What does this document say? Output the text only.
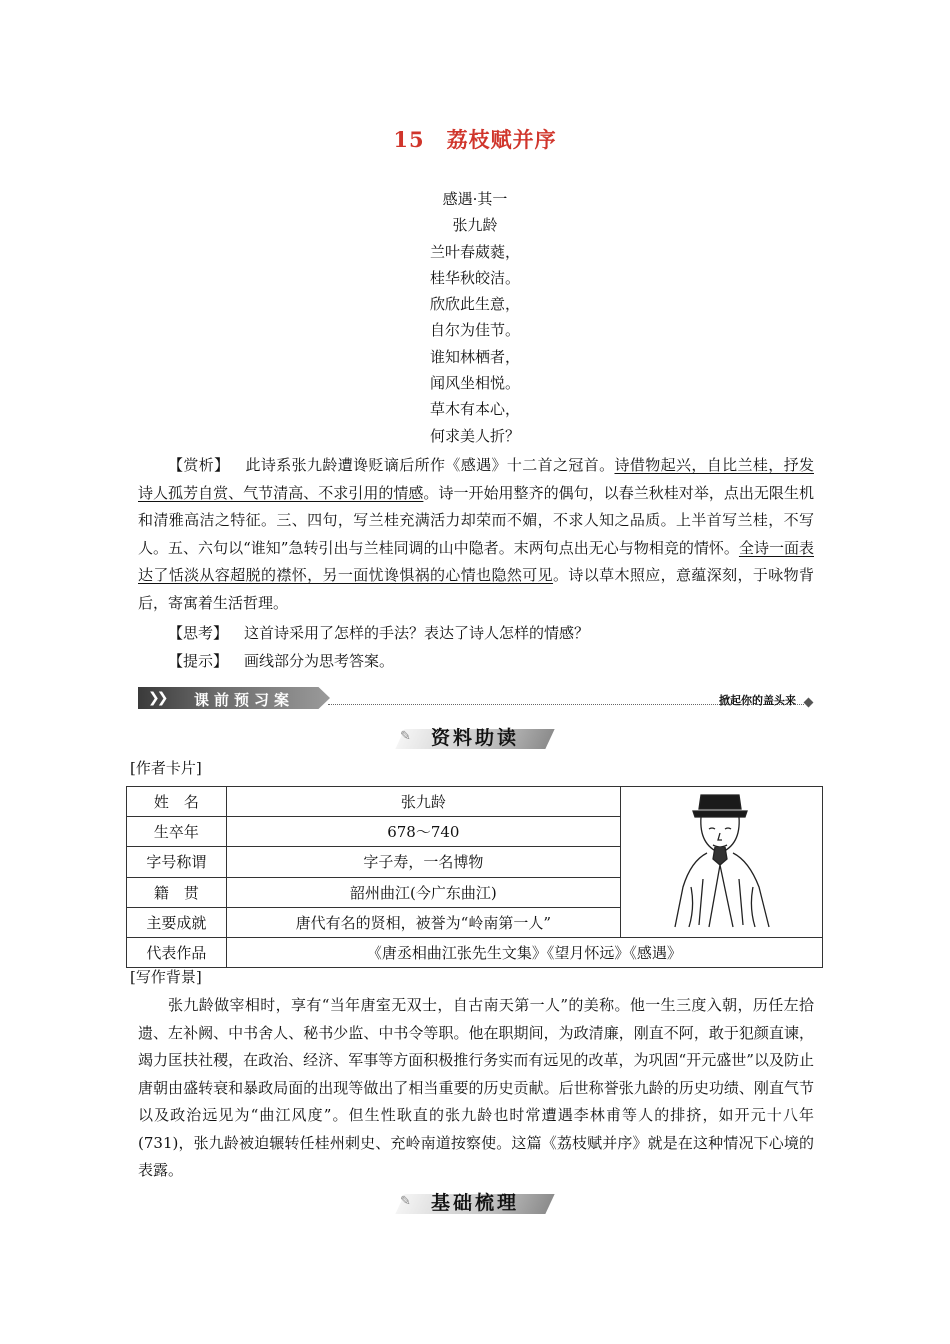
15 荔枝赋并序
感遇·其一
张九龄
兰叶春葳蕤，
桂华秋皎洁。
欣欣此生意，
自尔为佳节。
谁知林栖者，
闻风坐相悦。
草木有本心，
何求美人折？

【赏析】 此诗系张九龄遭谗贬谪后所作《感遇》十二首之冠首。诗借物起兴，自比兰桂，抒发诗人孤芳自赏、气节清高、不求引用的情感。诗一开始用整齐的偶句，以春兰秋桂对举，点出无限生机和清雅高洁之特征。三、四句，写兰桂充满活力却荣而不媚，不求人知之品质。上半首写兰桂，不写人。五、六句以“谁知”急转引出与兰桂同调的山中隐者。末两句点出无心与物相竞的情怀。全诗一面表达了恬淡从容超脱的襟怀，另一面忧谗惧祸的心情也隐然可见。诗以草木照应，意蕴深刻，于咏物背后，寄寓着生活哲理。

【思考】 这首诗采用了怎样的手法？表达了诗人怎样的情感？

【提示】 画线部分为思考答案。

❯❯ 课前预习案	掀起你的盖头来
✎	资料助读
[作者卡片]
姓　名	张九龄	

生卒年	678～740	
字号称谓	字子寿，一名博物	
籍　贯	韶州曲江(今广东曲江)	
主要成就	唐代有名的贤相，被誉为“岭南第一人”	
代表作品	《唐丞相曲江张先生文集》《望月怀远》《感遇》	
[写作背景]

张九龄做宰相时，享有“当年唐室无双士，自古南天第一人”的美称。他一生三度入朝，历任左拾遗、左补阙、中书舍人、秘书少监、中书令等职。他在职期间，为政清廉，刚直不阿，敢于犯颜直谏，竭力匡扶社稷，在政治、经济、军事等方面积极推行务实而有远见的改革，为巩固“开元盛世”以及防止唐朝由盛转衰和暴政局面的出现等做出了相当重要的历史贡献。后世称誉张九龄的历史功绩、刚直气节以及政治远见为“曲江风度”。但生性耿直的张九龄也时常遭遇李林甫等人的排挤，如开元十八年(731)，张九龄被迫辗转任桂州刺史、充岭南道按察使。这篇《荔枝赋并序》就是在这种情况下心境的表露。

✎	基础梳理
